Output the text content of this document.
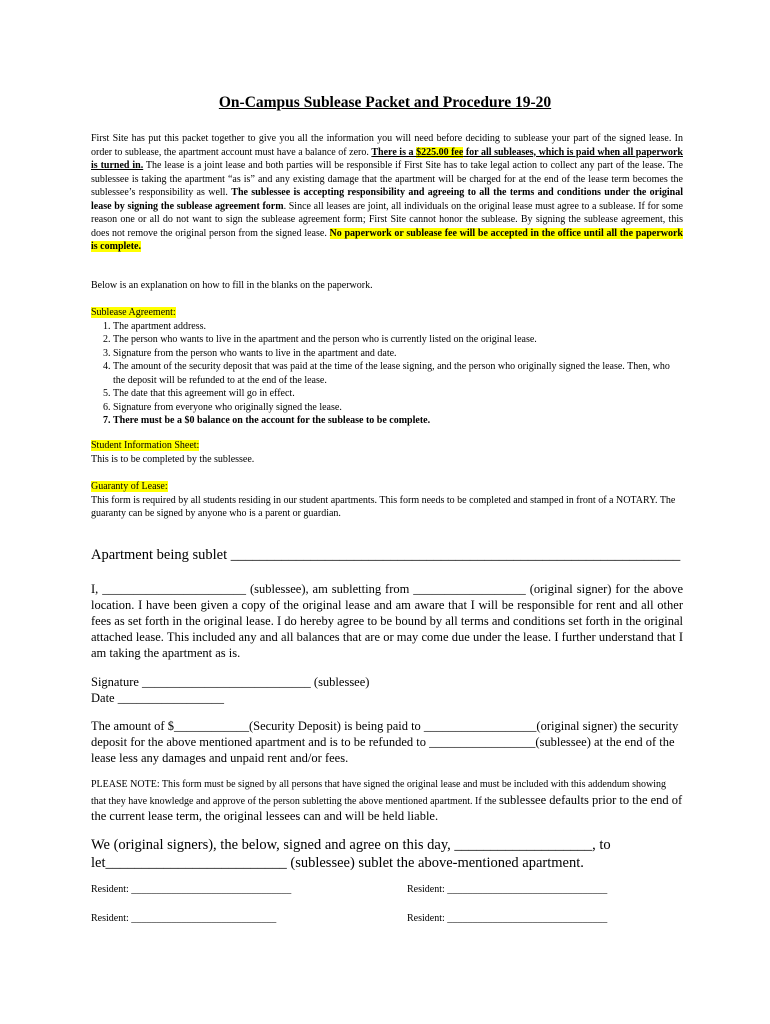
On-Campus Sublease Packet and Procedure 19-20
First Site has put this packet together to give you all the information you will need before deciding to sublease your part of the signed lease. In order to sublease, the apartment account must have a balance of zero. There is a $225.00 fee for all subleases, which is paid when all paperwork is turned in. The lease is a joint lease and both parties will be responsible if First Site has to take legal action to collect any part of the lease. The sublessee is taking the apartment “as is” and any existing damage that the apartment will be charged for at the end of the lease term becomes the sublessee’s responsibility as well. The sublessee is accepting responsibility and agreeing to all the terms and conditions under the original lease by signing the sublease agreement form. Since all leases are joint, all individuals on the original lease must agree to a sublease. If for some reason one or all do not want to sign the sublease agreement form; First Site cannot honor the sublease. By signing the sublease agreement, this does not remove the original person from the signed lease. No paperwork or sublease fee will be accepted in the office until all the paperwork is complete.
Below is an explanation on how to fill in the blanks on the paperwork.
Sublease Agreement:
1. The apartment address.
2. The person who wants to live in the apartment and the person who is currently listed on the original lease.
3. Signature from the person who wants to live in the apartment and date.
4. The amount of the security deposit that was paid at the time of the lease signing, and the person who originally signed the lease. Then, who the deposit will be refunded to at the end of the lease.
5. The date that this agreement will go in effect.
6. Signature from everyone who originally signed the lease.
7. There must be a $0 balance on the account for the sublease to be complete.
Student Information Sheet:
This is to be completed by the sublessee.
Guaranty of Lease:
This form is required by all students residing in our student apartments. This form needs to be completed and stamped in front of a NOTARY. The guaranty can be signed by anyone who is a parent or guardian.
Apartment being sublet ______________________________________________________________
I, _______________________ (sublessee), am subletting from __________________ (original signer) for the above location. I have been given a copy of the original lease and am aware that I will be responsible for rent and all other fees as set forth in the original lease. I do hereby agree to be bound by all terms and conditions set forth in the original attached lease. This included any and all balances that are or may come due under the lease. I further understand that I am taking the apartment as is.
Signature ___________________________ (sublessee)
Date _________________
The amount of $____________(Security Deposit) is being paid to __________________(original signer) the security deposit for the above mentioned apartment and is to be refunded to _________________(sublessee) at the end of the lease less any damages and unpaid rent and/or fees.
PLEASE NOTE: This form must be signed by all persons that have signed the original lease and must be included with this addendum showing that they have knowledge and approve of the person subletting the above mentioned apartment. If the sublessee defaults prior to the end of the current lease term, the original lessees can and will be held liable.
We (original signers), the below, signed and agree on this day, ___________________, to let_________________________ (sublessee) sublet the above-mentioned apartment.
Resident: ________________________________	Resident: ________________________________
Resident: _____________________________	Resident: ________________________________
